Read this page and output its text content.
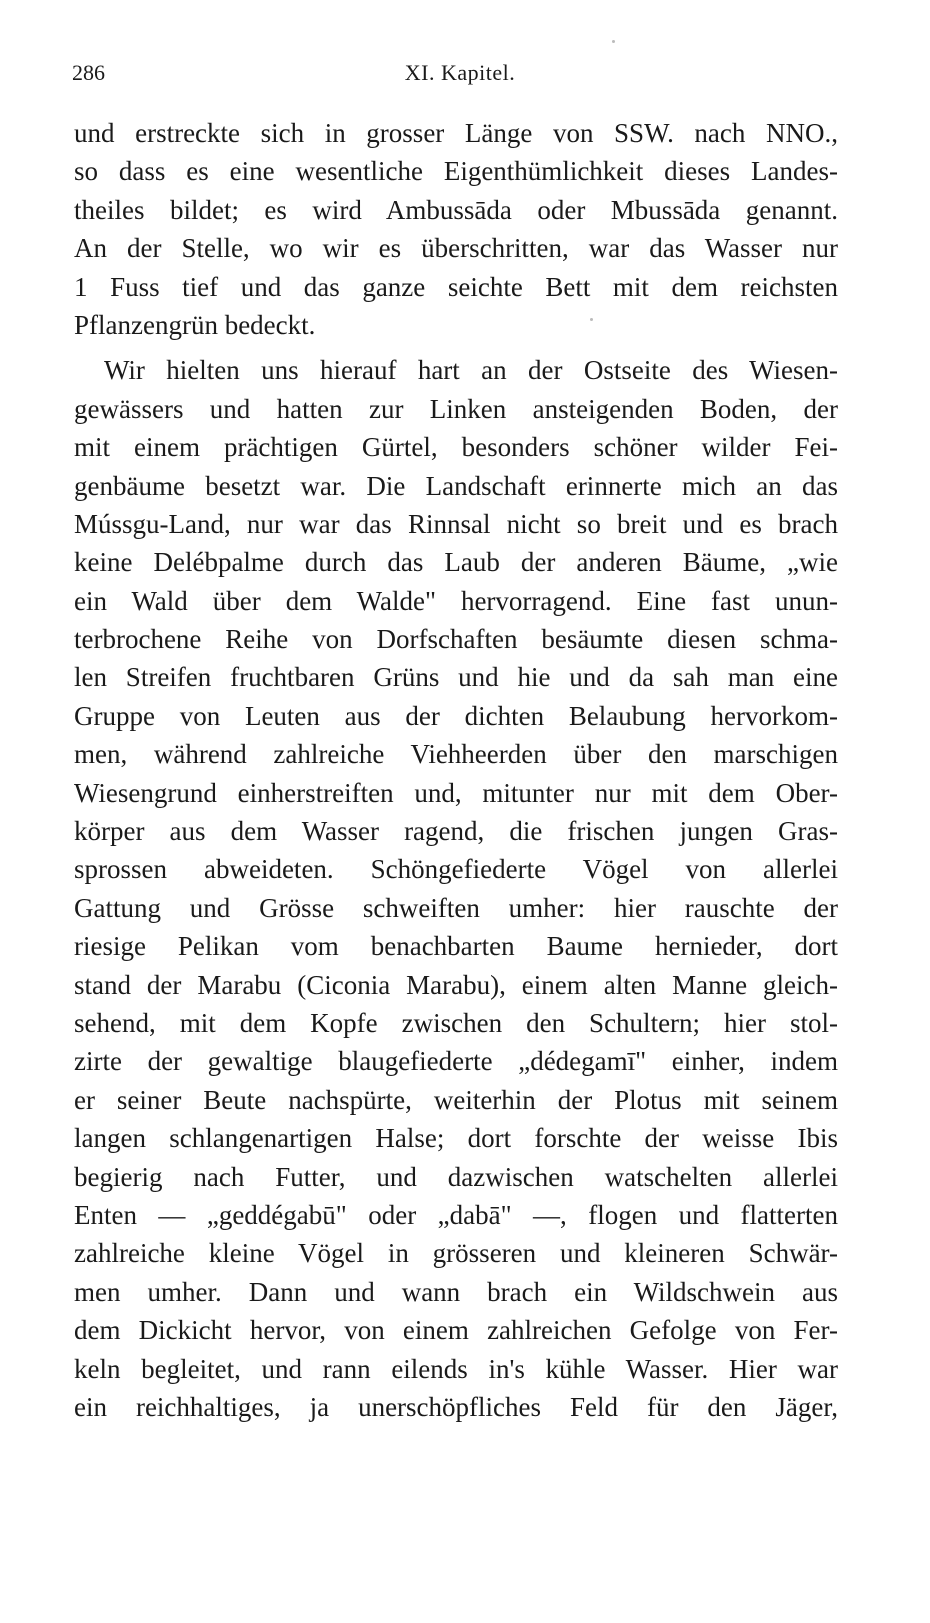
286	XI. Kapitel.
und erstreckte sich in grosser Länge von SSW. nach NNO.,
so dass es eine wesentliche Eigenthümlichkeit dieses Landes-
theiles bildet; es wird Ambussāda oder Mbussāda genannt.
An der Stelle, wo wir es überschritten, war das Wasser nur
1 Fuss tief und das ganze seichte Bett mit dem reichsten
Pflanzengrün bedeckt.
Wir hielten uns hierauf hart an der Ostseite des Wiesen-
gewässers und hatten zur Linken ansteigenden Boden, der
mit einem prächtigen Gürtel, besonders schöner wilder Fei-
genbäume besetzt war. Die Landschaft erinnerte mich an das
Mússgu-Land, nur war das Rinnsal nicht so breit und es brach
keine Delébpalme durch das Laub der anderen Bäume, „wie
ein Wald über dem Walde" hervorragend. Eine fast unun-
terbrochene Reihe von Dorfschaften besäumte diesen schma-
len Streifen fruchtbaren Grüns und hie und da sah man eine
Gruppe von Leuten aus der dichten Belaubung hervorkom-
men, während zahlreiche Viehheerden über den marschigen
Wiesengrund einherstreiften und, mitunter nur mit dem Ober-
körper aus dem Wasser ragend, die frischen jungen Gras-
sprossen abweideten. Schöngefiederte Vögel von allerlei
Gattung und Grösse schweiften umher: hier rauschte der
riesige Pelikan vom benachbarten Baume hernieder, dort
stand der Marabu (Ciconia Marabu), einem alten Manne gleich-
sehend, mit dem Kopfe zwischen den Schultern; hier stol-
zirte der gewaltige blaugefiederte „dédegamī" einher, indem
er seiner Beute nachspürte, weiterhin der Plotus mit seinem
langen schlangenartigen Halse; dort forschte der weisse Ibis
begierig nach Futter, und dazwischen watschelten allerlei
Enten — „geddégabū" oder „dabā" —, flogen und flatterten
zahlreiche kleine Vögel in grösseren und kleineren Schwär-
men umher. Dann und wann brach ein Wildschwein aus
dem Dickicht hervor, von einem zahlreichen Gefolge von Fer-
keln begleitet, und rann eilends in's kühle Wasser. Hier war
ein reichhaltiges, ja unerschöpfliches Feld für den Jäger,
